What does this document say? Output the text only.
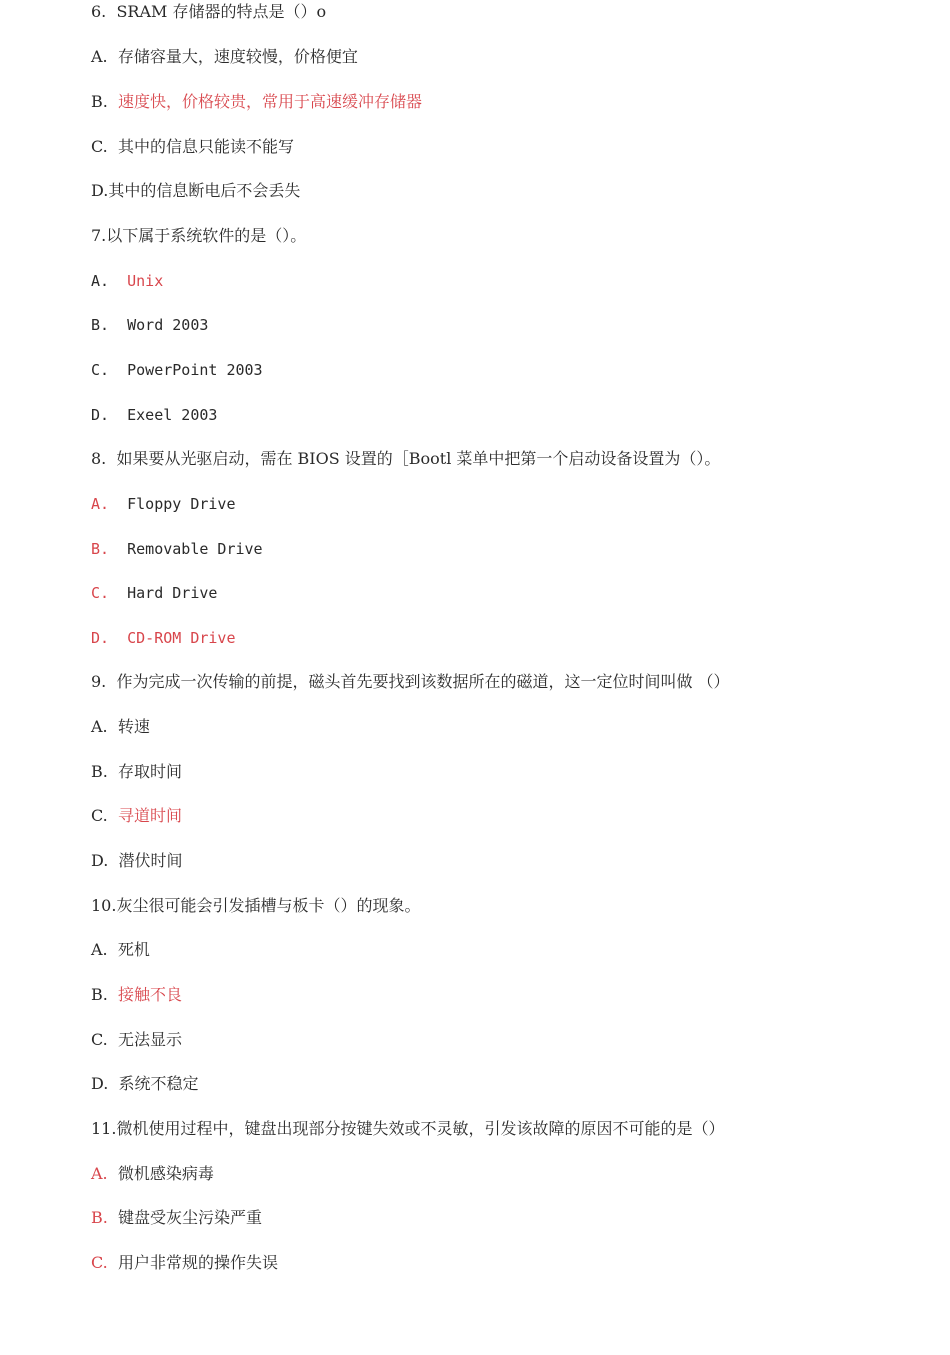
6.  SRAM 存储器的特点是（）o
A.  存储容量大，速度较慢，价格便宜
B.  速度快，价格较贵，常用于高速缓冲存储器
C.  其中的信息只能读不能写
D.其中的信息断电后不会丢失
7.以下属于系统软件的是（）。
A.  Unix
B.  Word 2003
C.  PowerPoint 2003
D.  Exeel 2003
8.  如果要从光驱启动，需在 BIOS 设置的［Bootl 菜单中把第一个启动设备设置为（）。
A.  Floppy Drive
B.  Removable Drive
C.  Hard Drive
D.  CD-ROM Drive
9.  作为完成一次传输的前提，磁头首先要找到该数据所在的磁道，这一定位时间叫做 （）
A.  转速
B.  存取时间
C.  寻道时间
D.  潜伏时间
10.灰尘很可能会引发插槽与板卡（）的现象。
A.  死机
B.  接触不良
C.  无法显示
D.  系统不稳定
11.微机使用过程中，键盘出现部分按键失效或不灵敏，引发该故障的原因不可能的是（）
A.  微机感染病毒
B.  键盘受灰尘污染严重
C.  用户非常规的操作失误
